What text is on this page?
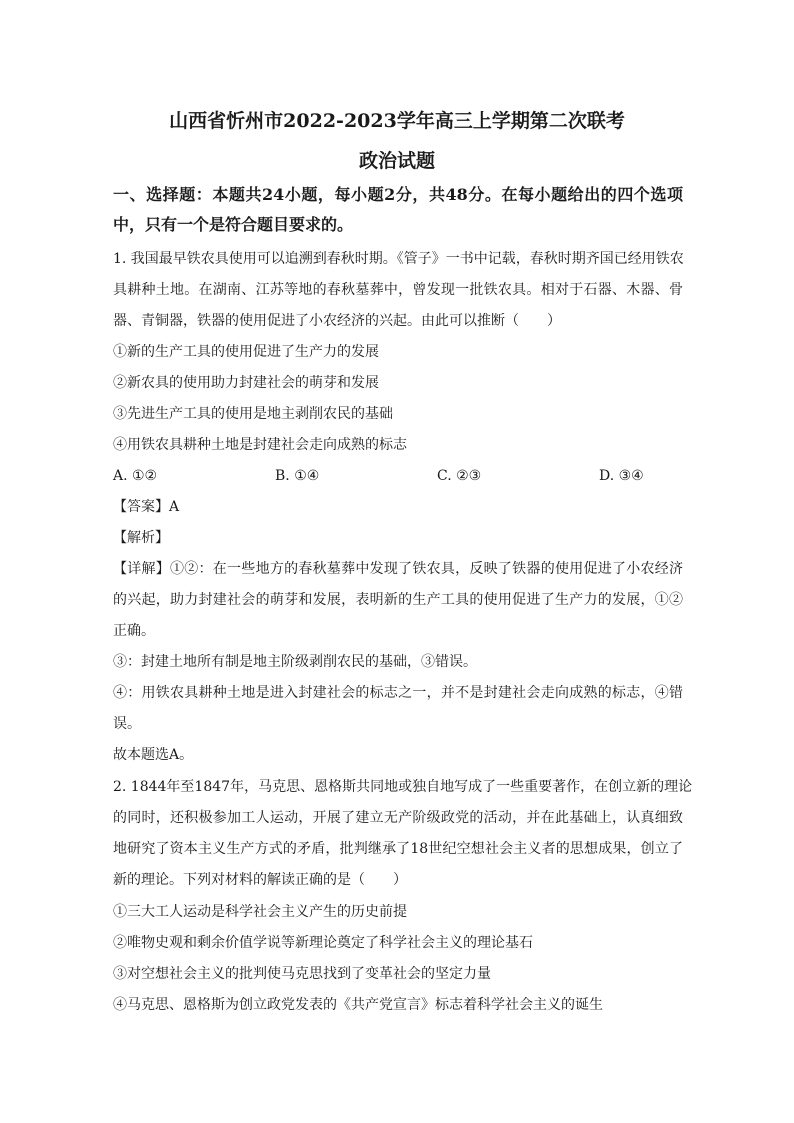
山西省忻州市2022-2023学年高三上学期第二次联考
政治试题
一、选择题：本题共24小题，每小题2分，共48分。在每小题给出的四个选项
中，只有一个是符合题目要求的。
1. 我国最早铁农具使用可以追溯到春秋时期。《管子》一书中记载，春秋时期齐国已经用铁农
具耕种土地。在湖南、江苏等地的春秋墓葬中，曾发现一批铁农具。相对于石器、木器、骨
器、青铜器，铁器的使用促进了小农经济的兴起。由此可以推断（　　）
①新的生产工具的使用促进了生产力的发展
②新农具的使用助力封建社会的萌芽和发展
③先进生产工具的使用是地主剥削农民的基础
④用铁农具耕种土地是封建社会走向成熟的标志
A. ①②	B. ①④	C. ②③	D. ③④
【答案】A
【解析】
【详解】①②：在一些地方的春秋墓葬中发现了铁农具，反映了铁器的使用促进了小农经济
的兴起，助力封建社会的萌芽和发展，表明新的生产工具的使用促进了生产力的发展，①②
正确。
③：封建土地所有制是地主阶级剥削农民的基础，③错误。
④：用铁农具耕种土地是进入封建社会的标志之一，并不是封建社会走向成熟的标志，④错
误。
故本题选A。
2. 1844年至1847年，马克思、恩格斯共同地或独自地写成了一些重要著作，在创立新的理论
的同时，还积极参加工人运动，开展了建立无产阶级政党的活动，并在此基础上，认真细致
地研究了资本主义生产方式的矛盾，批判继承了18世纪空想社会主义者的思想成果，创立了
新的理论。下列对材料的解读正确的是（　　）
①三大工人运动是科学社会主义产生的历史前提
②唯物史观和剩余价值学说等新理论奠定了科学社会主义的理论基石
③对空想社会主义的批判使马克思找到了变革社会的坚定力量
④马克思、恩格斯为创立政党发表的《共产党宣言》标志着科学社会主义的诞生
